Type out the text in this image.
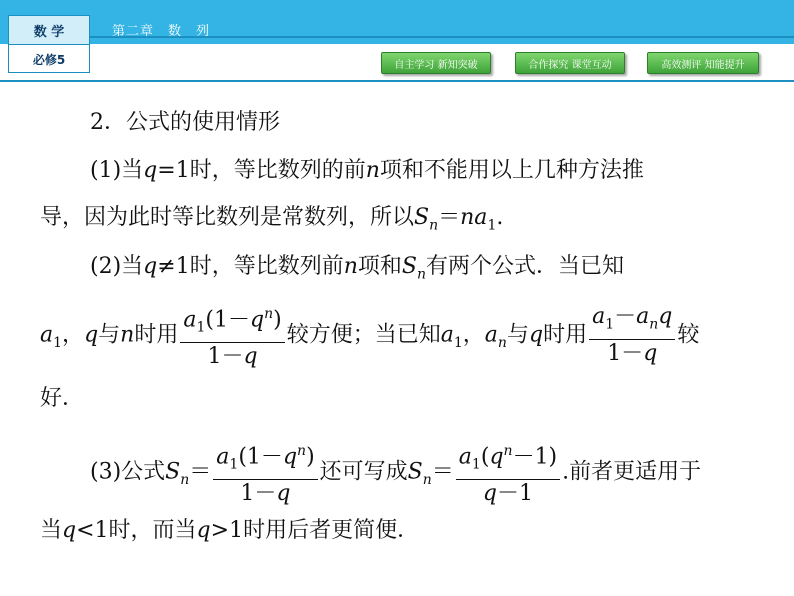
数 学
必修5
第二章　数　列
自主学习 新知突破	合作探究 课堂互动	高效测评 知能提升
2．公式的使用情形
(1)当q=1时，等比数列的前n项和不能用以上几种方法推
导，因为此时等比数列是常数列，所以$S_n=na_1$.
(2)当q≠1时，等比数列前n项和$S_n$有两个公式．当已知
$a_1$，q与n时用 $\frac{a_1(1-q^n)}{1-q}$ 较方便；当已知$a_1$，$a_n$与q时用 $\frac{a_1-a_nq}{1-q}$ 较
好．
(3)公式$S_n= \frac{a_1(1-q^n)}{1-q}$ 还可写成$S_n= \frac{a_1(q^n-1)}{q-1}$ .前者更适用于
当q<1时，而当q>1时用后者更简便．
